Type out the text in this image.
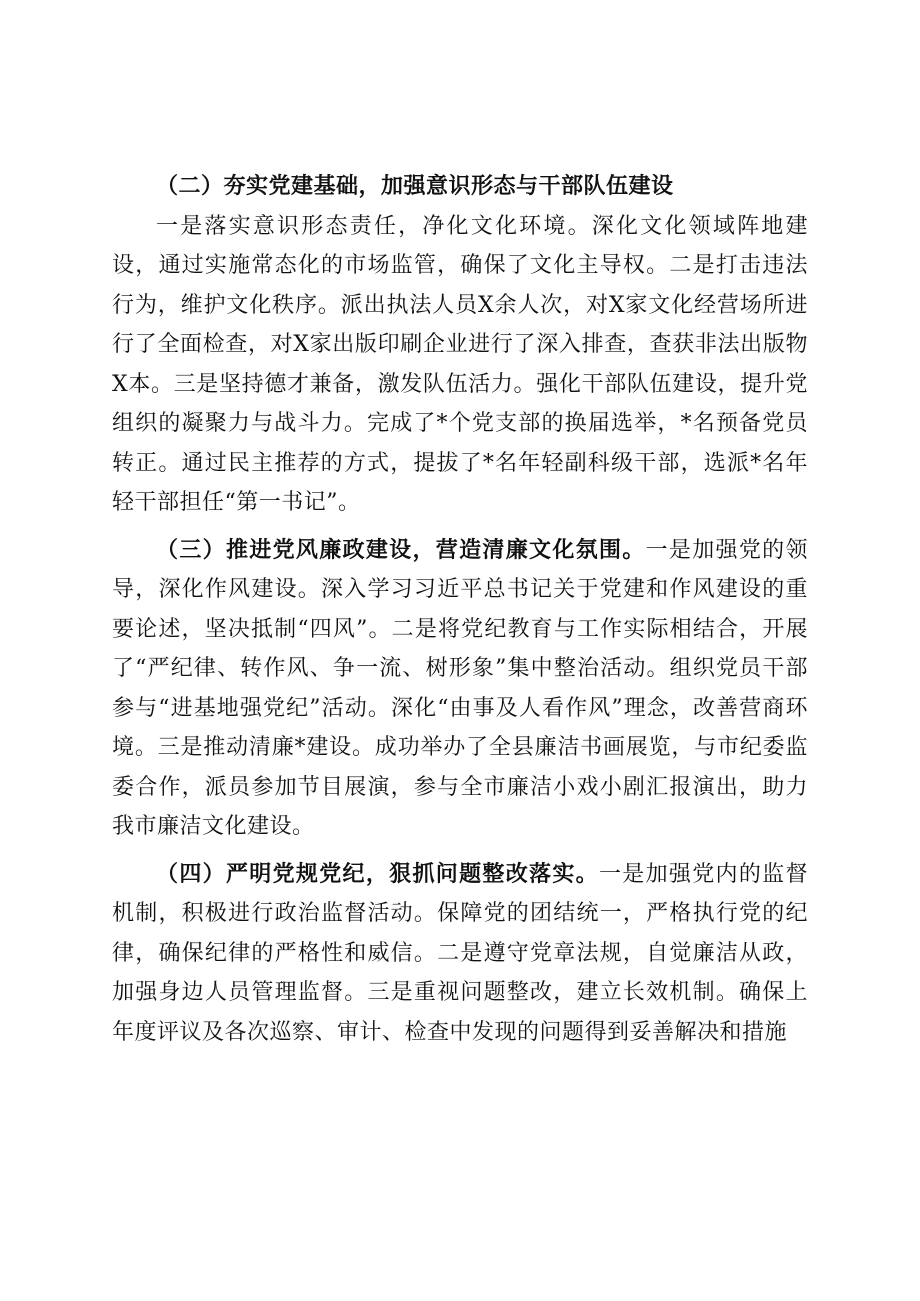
（二）夯实党建基础，加强意识形态与干部队伍建设

一是落实意识形态责任，净化文化环境。深化文化领域阵地建设，通过实施常态化的市场监管，确保了文化主导权。二是打击违法行为，维护文化秩序。派出执法人员X余人次，对X家文化经营场所进行了全面检查，对X家出版印刷企业进行了深入排查，查获非法出版物X本。三是坚持德才兼备，激发队伍活力。强化干部队伍建设，提升党组织的凝聚力与战斗力。完成了*个党支部的换届选举，*名预备党员转正。通过民主推荐的方式，提拔了*名年轻副科级干部，选派*名年轻干部担任“第一书记”。

（三）推进党风廉政建设，营造清廉文化氛围。一是加强党的领导，深化作风建设。深入学习习近平总书记关于党建和作风建设的重要论述，坚决抵制“四风”。二是将党纪教育与工作实际相结合，开展了“严纪律、转作风、争一流、树形象”集中整治活动。组织党员干部参与“进基地强党纪”活动。深化“由事及人看作风”理念，改善营商环境。三是推动清廉*建设。成功举办了全县廉洁书画展览，与市纪委监委合作，派员参加节目展演，参与全市廉洁小戏小剧汇报演出，助力我市廉洁文化建设。

（四）严明党规党纪，狠抓问题整改落实。一是加强党内的监督机制，积极进行政治监督活动。保障党的团结统一，严格执行党的纪律，确保纪律的严格性和威信。二是遵守党章法规，自觉廉洁从政，加强身边人员管理监督。三是重视问题整改，建立长效机制。确保上年度评议及各次巡察、审计、检查中发现的问题得到妥善解决和措施
